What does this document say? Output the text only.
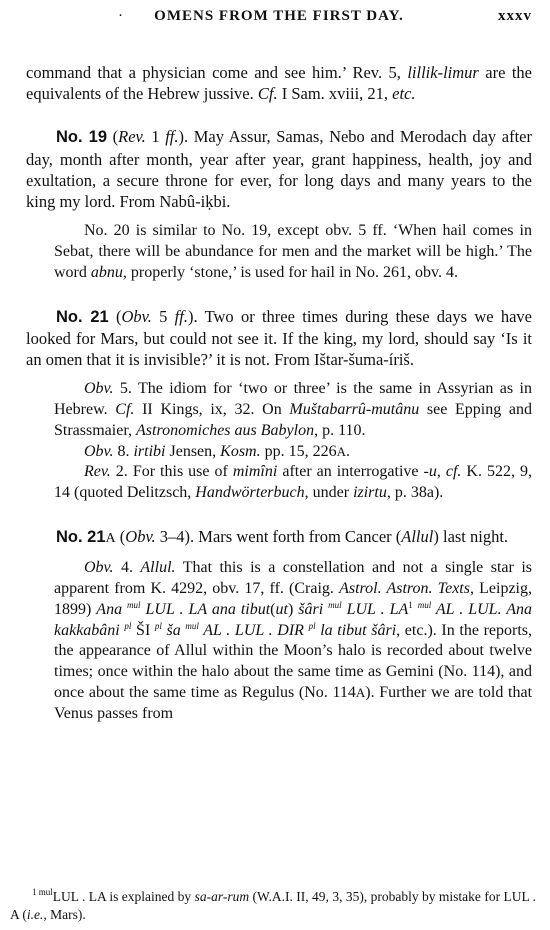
·	OMENS FROM THE FIRST DAY.	xxxv

command that a physician come and see him.’ Rev. 5, lillik-limur are the equivalents of the Hebrew jussive. Cf. I Sam. xviii, 21, etc.

No. 19 (Rev. 1 ff.). May Assur, Samas, Nebo and Merodach day after day, month after month, year after year, grant happiness, health, joy and exultation, a secure throne for ever, for long days and many years to the king my lord. From Nabû-iḳbi.

No. 20 is similar to No. 19, except obv. 5 ff. ‘When hail comes in Sebat, there will be abundance for men and the market will be high.’ The word abnu, properly ‘stone,’ is used for hail in No. 261, obv. 4.

No. 21 (Obv. 5 ff.). Two or three times during these days we have looked for Mars, but could not see it. If the king, my lord, should say ‘Is it an omen that it is invisible?’ it is not. From Ištar-šuma-íriš.

Obv. 5. The idiom for ‘two or three’ is the same in Assyrian as in Hebrew. Cf. II Kings, ix, 32. On Muštabarrû-mutânu see Epping and Strassmaier, Astronomiches aus Babylon, p. 110.

Obv. 8. irtibi Jensen, Kosm. pp. 15, 226A.

Rev. 2. For this use of mimîni after an interrogative -u, cf. K. 522, 9, 14 (quoted Delitzsch, Handwörterbuch, under izirtu, p. 38a).

No. 21A (Obv. 3–4). Mars went forth from Cancer (Allul) last night.

Obv. 4. Allul. That this is a constellation and not a single star is apparent from K. 4292, obv. 17, ff. (Craig. Astrol. Astron. Texts, Leipzig, 1899) Ana $^{mul}$ LUL . LA ana tibut(ut) šâri $^{mul}$ LUL . $LA^1$ $^{mul}$ AL . LUL. Ana kakkabâni $^{pl}$ ŠI $^{pl}$ ša $^{mul}$ AL . LUL . DIR $^{pl}$ la tibut šâri, etc.). In the reports, the appearance of Allul within the Moon’s halo is recorded about twelve times; once within the halo about the same time as Gemini (No. 114), and once about the same time as Regulus (No. 114A). Further we are told that Venus passes from

$^{1 mul}$LUL . LA is explained by sa-ar-rum (W.A.I. II, 49, 3, 35), probably by mistake for LUL . A (i.e., Mars).
